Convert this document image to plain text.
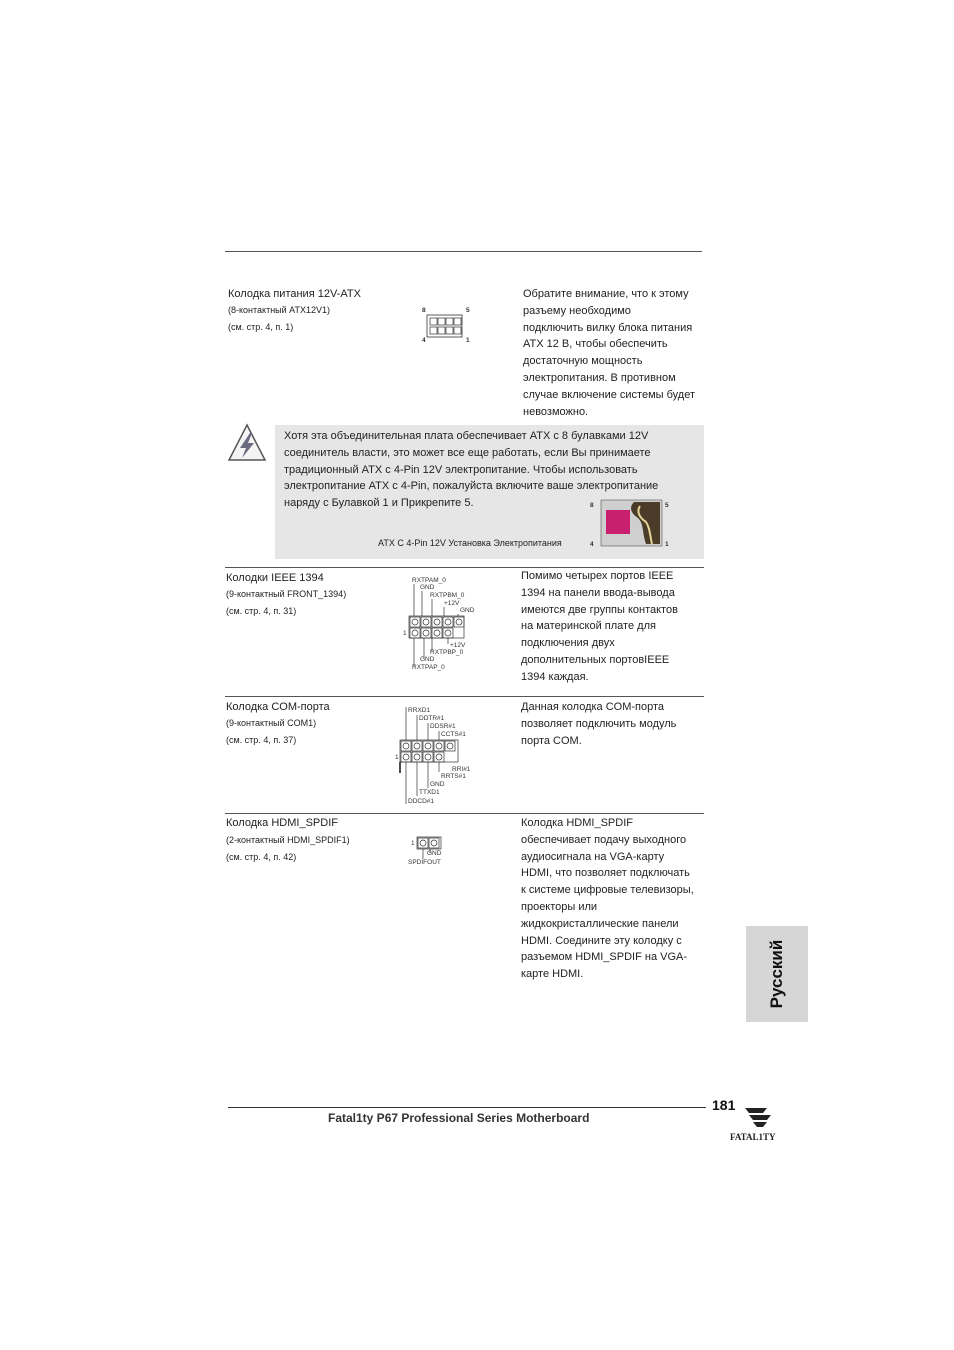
Колодка питания 12V-ATX
(8-контактный ATX12V1)
(см. стр. 4, п. 1)
8	5
4	1
Обратите внимание, что к этому
разъему необходимо
подключить вилку блока питания
ATX 12 В, чтобы обеспечить
достаточную мощность
электропитания. В противном
случае включение системы будет
невозможно.
Хотя эта объединительная плата обеспечивает ATX с 8 булавками 12V
соединитель власти, это может все еще работать, если Вы принимаете
традиционный ATX с 4-Pin 12V электропитание. Чтобы использовать
электропитание ATX с 4-Pin, пожалуйста включите ваше электропитание
наряду с Булавкой 1 и Прикрепите 5.
ATX С 4-Pin 12V Установка Электропитания
8	5
4	1
Колодки IEEE 1394
(9-контактный FRONT_1394)
(см. стр. 4, п. 31)
RXTPAM_0
GND
RXTPBM_0
+12V
GND
1
+12V
RXTPBP_0
GND
RXTPAP_0
Помимо четырех портов IEEE
1394 на панели ввода-вывода
имеются две группы контактов
на материнской плате для
подключения двух
дополнительных портовIEEE
1394 каждая.
Колодка COM-порта
(9-контактный COM1)
(см. стр. 4, п. 37)
RRXD1
DDTR#1
DDSR#1
CCTS#1
1
RRI#1
RRTS#1
GND
TTXD1
DDCD#1
Данная колодка COM-порта
позволяет подключить модуль
порта COM.
Колодка HDMI_SPDIF
(2-контактный HDMI_SPDIF1)
(см. стр. 4, п. 42)
1
GND
SPDIFOUT
Колодка HDMI_SPDIF
обеспечивает подачу выходного
аудиосигнала на VGA-карту
HDMI, что позволяет подключать
к системе цифровые телевизоры,
проекторы или
жидкокристаллические панели
HDMI. Соедините эту колодку с
разъемом HDMI_SPDIF на VGA-
карте HDMI.	Русский
Fatal1ty P67 Professional Series Motherboard
181
FATAL1TY
